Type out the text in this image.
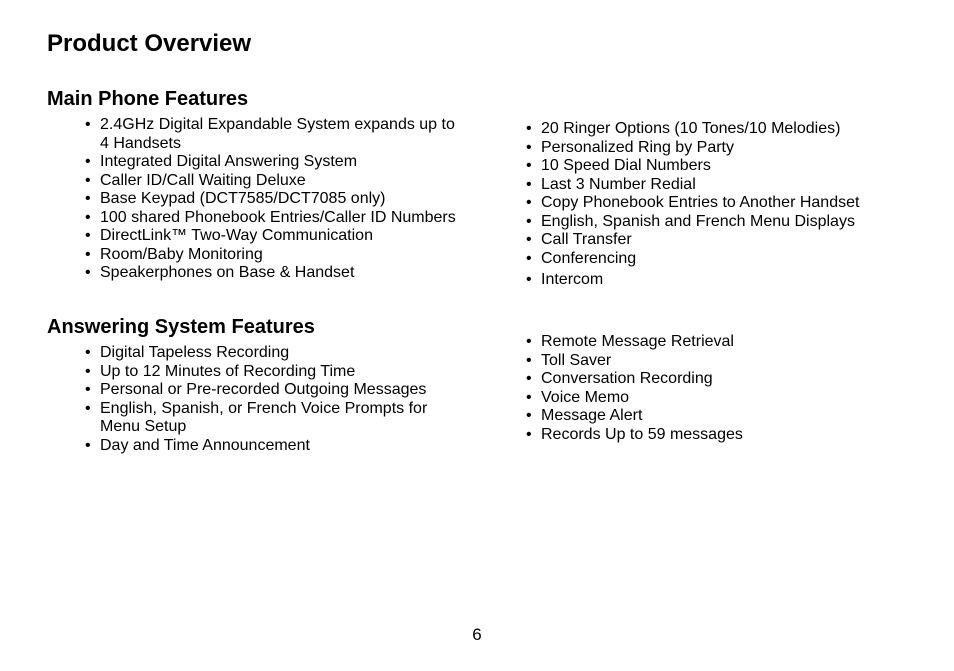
Product Overview
Main Phone Features
• 2.4GHz Digital Expandable System expands up to 4 Handsets
• Integrated Digital Answering System
• Caller ID/Call Waiting Deluxe
• Base Keypad (DCT7585/DCT7085 only)
• 100 shared Phonebook Entries/Caller ID Numbers
• DirectLink™ Two-Way Communication
• Room/Baby Monitoring
• Speakerphones on Base & Handset
• 20 Ringer Options (10 Tones/10 Melodies)
• Personalized Ring by Party
• 10 Speed Dial Numbers
• Last 3 Number Redial
• Copy Phonebook Entries to Another Handset
• English, Spanish and French Menu Displays
• Call Transfer
• Conferencing
• Intercom
Answering System Features
• Digital Tapeless Recording
• Up to 12 Minutes of Recording Time
• Personal or Pre-recorded Outgoing Messages
• English, Spanish, or French Voice Prompts for Menu Setup
• Day and Time Announcement
• Remote Message Retrieval
• Toll Saver
• Conversation Recording
• Voice Memo
• Message Alert
• Records Up to 59 messages
6
